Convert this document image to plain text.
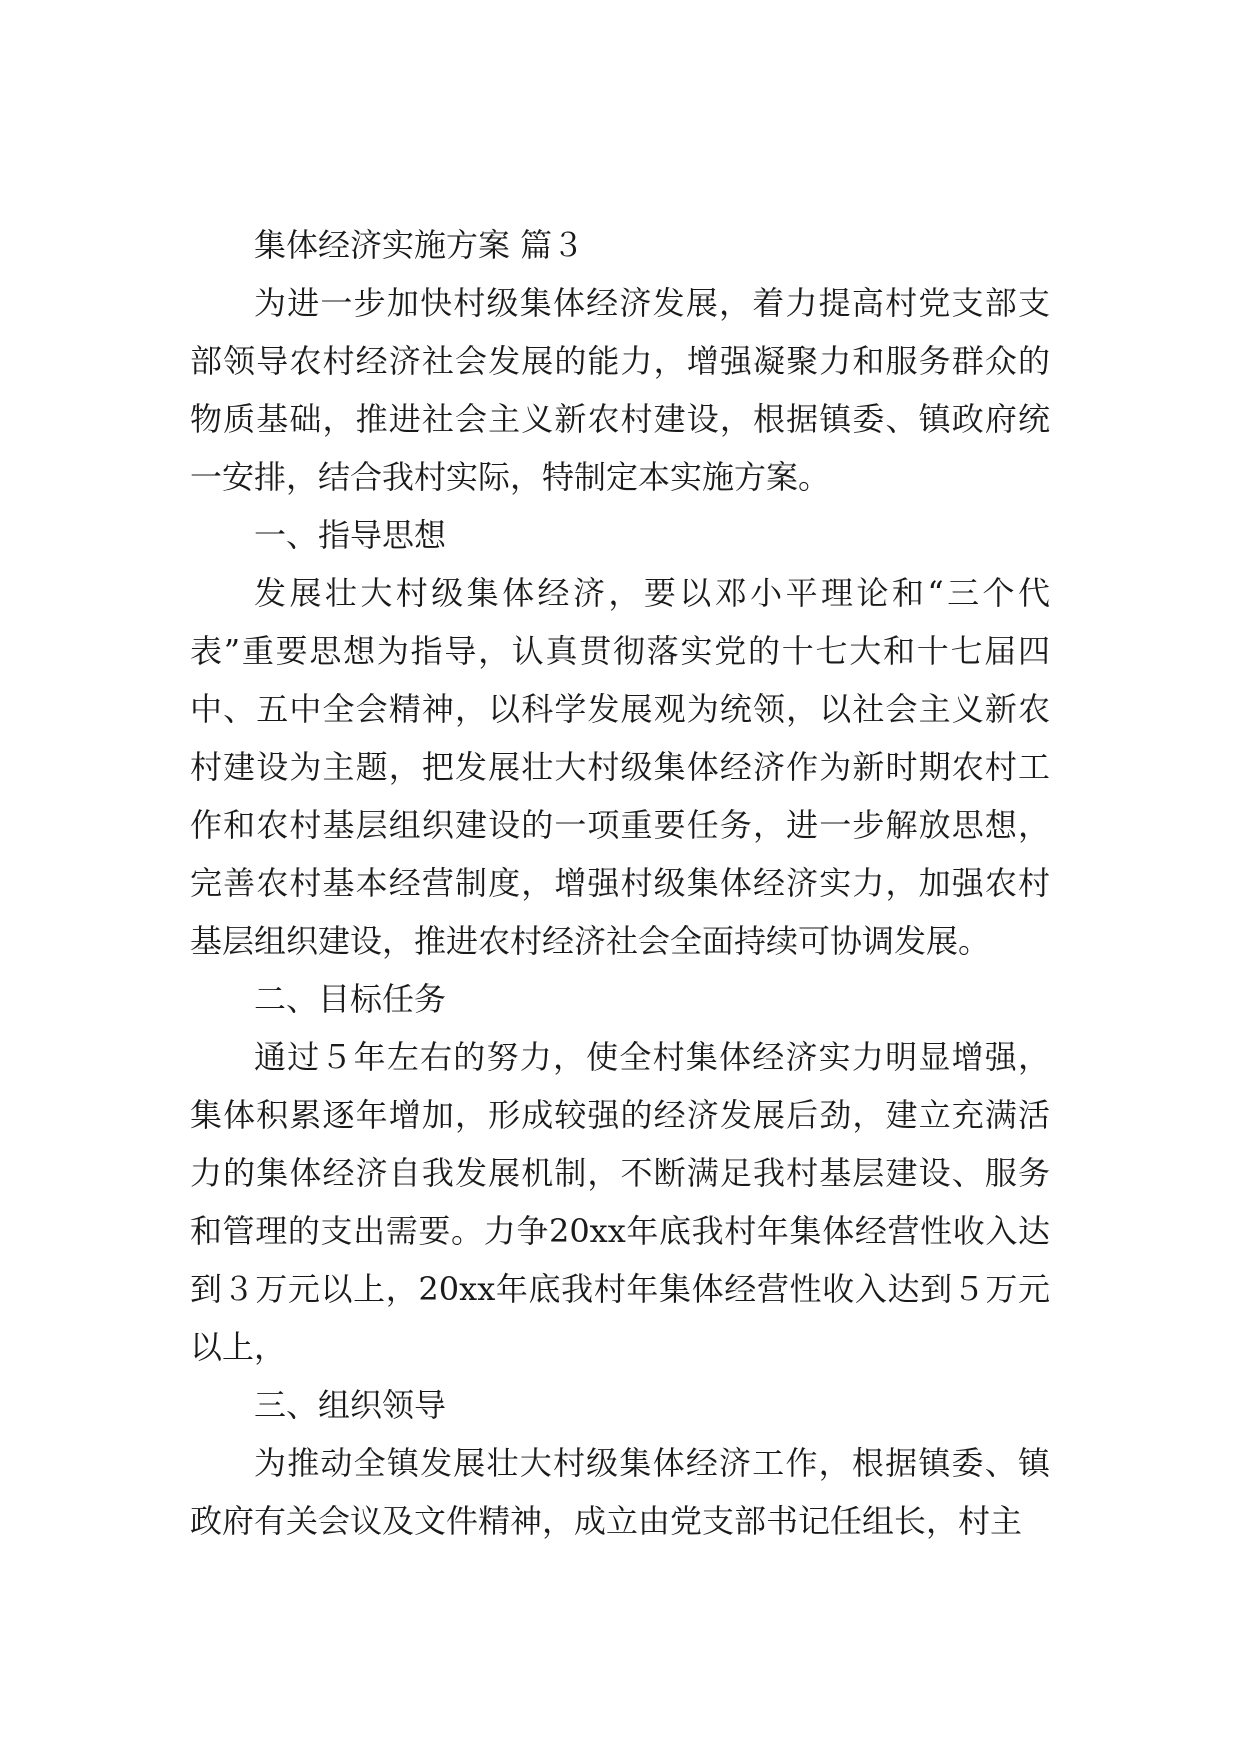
集体经济实施方案 篇３

为进一步加快村级集体经济发展，着力提高村党支部支部领导农村经济社会发展的能力，增强凝聚力和服务群众的物质基础，推进社会主义新农村建设，根据镇委、镇政府统一安排，结合我村实际，特制定本实施方案。

一、指导思想

发展壮大村级集体经济，要以邓小平理论和“三个代表”重要思想为指导，认真贯彻落实党的十七大和十七届四中、五中全会精神，以科学发展观为统领，以社会主义新农村建设为主题，把发展壮大村级集体经济作为新时期农村工作和农村基层组织建设的一项重要任务，进一步解放思想，完善农村基本经营制度，增强村级集体经济实力，加强农村基层组织建设，推进农村经济社会全面持续可协调发展。

二、目标任务

通过５年左右的努力，使全村集体经济实力明显增强，集体积累逐年增加，形成较强的经济发展后劲，建立充满活力的集体经济自我发展机制，不断满足我村基层建设、服务和管理的支出需要。力争20xx年底我村年集体经营性收入达到３万元以上，20xx年底我村年集体经营性收入达到５万元以上，

三、组织领导

为推动全镇发展壮大村级集体经济工作，根据镇委、镇政府有关会议及文件精神，成立由党支部书记任组长，村主
